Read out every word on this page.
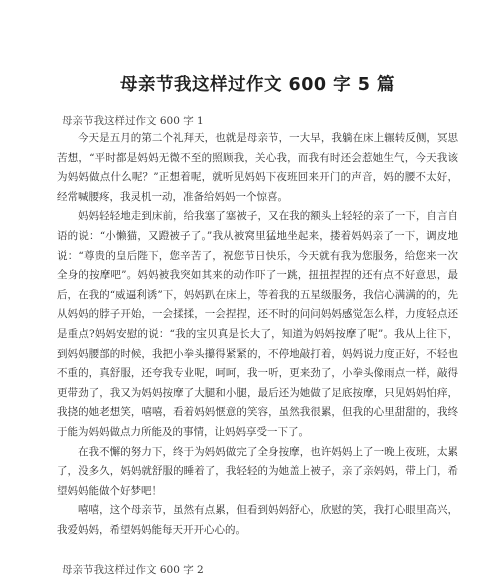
母亲节我这样过作文 600 字 5 篇
母亲节我这样过作文 600 字 1

今天是五月的第二个礼拜天，也就是母亲节，一大早，我躺在床上辗转反侧，冥思苦想，“平时都是妈妈无微不至的照顾我，关心我，而我有时还会惹她生气，今天我该为妈妈做点什么呢？”正想着呢，就听见妈妈下夜班回来开门的声音，妈的腰不太好，经常喊腰疼，我灵机一动，准备给妈妈一个惊喜。

妈妈轻轻地走到床前，给我塞了塞被子，又在我的额头上轻轻的亲了一下，自言自语的说：“小懒猫，又蹬被子了。”我从被窝里猛地坐起来，搂着妈妈亲了一下，调皮地说：“尊贵的皇后陛下，您辛苦了，祝您节日快乐，今天就有我为您服务，给您来一次全身的按摩吧”。妈妈被我突如其来的动作吓了一跳，扭扭捏捏的还有点不好意思，最后，在我的“威逼利诱”下，妈妈趴在床上，等着我的五星级服务，我信心满满的的，先从妈妈的脖子开始，一会揉揉，一会捏捏，还不时的问问妈妈感觉怎么样，力度轻点还是重点?妈妈安慰的说：“我的宝贝真是长大了，知道为妈妈按摩了呢”。我从上往下，到妈妈腰部的时候，我把小拳头攥得紧紧的，不停地敲打着，妈妈说力度正好，不轻也不重的，真舒服，还夸我专业呢，呵呵，我一听，更来劲了，小拳头像雨点一样，敲得更带劲了，我又为妈妈按摩了大腿和小腿，最后还为她做了足底按摩，只见妈妈怕痒，我挠的她老想笑，嘻嘻，看着妈妈惬意的笑容，虽然我很累，但我的心里甜甜的，我终于能为妈妈做点力所能及的事情，让妈妈享受一下了。

在我不懈的努力下，终于为妈妈做完了全身按摩，也许妈妈上了一晚上夜班，太累了，没多久，妈妈就舒服的睡着了，我轻轻的为她盖上被子，亲了亲妈妈，带上门，希望妈妈能做个好梦吧！

嘻嘻，这个母亲节，虽然有点累，但看到妈妈舒心，欣慰的笑，我打心眼里高兴，我爱妈妈，希望妈妈能每天开开心心的。

母亲节我这样过作文 600 字 2
